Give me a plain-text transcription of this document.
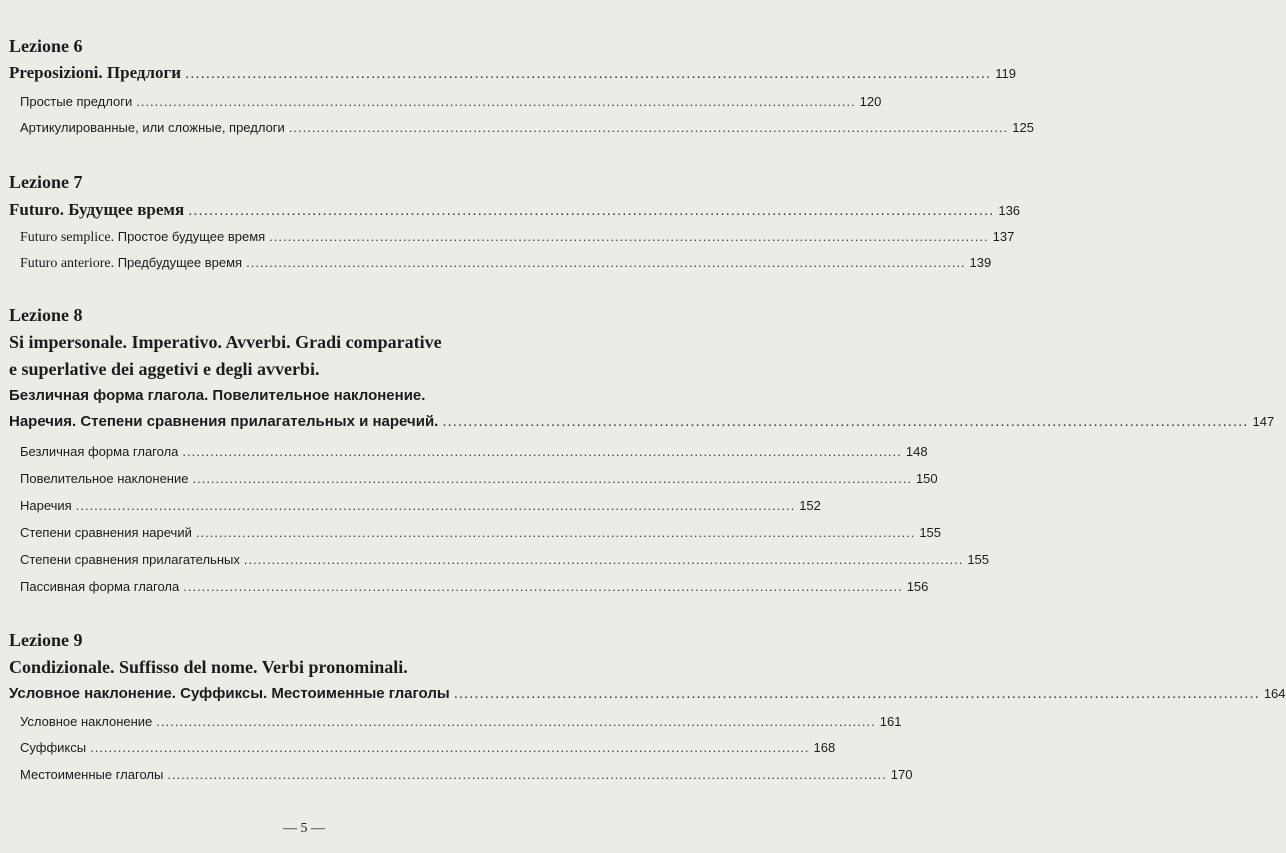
Lezione 6
Preposizioni. Предлоги ............................................................................................................................................................ 119
Простые предлоги ............................................................................................................................................................ 120
Артикулированные, или сложные, предлоги ............................................................................................................................................................ 125
Lezione 7
Futuro. Будущее время ............................................................................................................................................................ 136
Futuro semplice. Простое будущее время ............................................................................................................................................................ 137
Futuro anteriore. Предбудущее время ............................................................................................................................................................ 139
Lezione 8
Si impersonale. Imperativo. Avverbi. Gradi comparative
e superlative dei aggetivi e degli avverbi.
Безличная форма глагола. Повелительное наклонение.
Наречия. Степени сравнения прилагательных и наречий. ............................................................................................................................................................ 147
Безличная форма глагола ............................................................................................................................................................ 148
Повелительное наклонение ............................................................................................................................................................ 150
Наречия ............................................................................................................................................................ 152
Степени сравнения наречий ............................................................................................................................................................ 155
Степени сравнения прилагательных ............................................................................................................................................................ 155
Пассивная форма глагола ............................................................................................................................................................ 156
Lezione 9
Condizionale. Suffisso del nome. Verbi pronominali.
Условное наклонение. Суффиксы. Местоименные глаголы ............................................................................................................................................................ 164
Условное наклонение ............................................................................................................................................................ 161
Суффиксы ............................................................................................................................................................ 168
Местоименные глаголы ............................................................................................................................................................ 170
— 5 —
